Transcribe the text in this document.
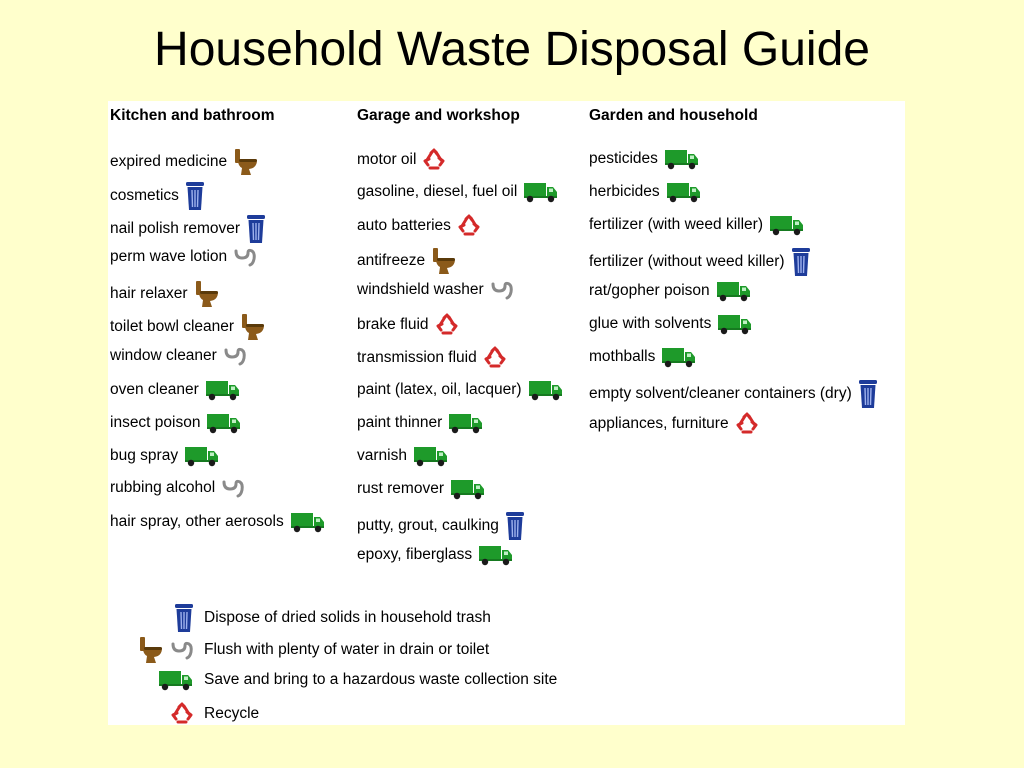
Household Waste Disposal Guide
Kitchen and bathroom
expired medicine
cosmetics
nail polish remover
perm wave lotion
hair relaxer
toilet bowl cleaner
window cleaner
oven cleaner
insect poison
bug spray
rubbing alcohol
hair spray, other aerosols
Garage and workshop
motor oil
gasoline, diesel, fuel oil
auto batteries
antifreeze
windshield washer
brake fluid
transmission fluid
paint (latex, oil, lacquer)
paint thinner
varnish
rust remover
putty, grout, caulking
epoxy, fiberglass
Garden and household
pesticides
herbicides
fertilizer (with weed killer)
fertilizer (without weed killer)
rat/gopher poison
glue with solvents
mothballs
empty solvent/cleaner containers (dry)
appliances, furniture
Dispose of dried solids in household trash
Flush with plenty of water in drain or toilet
Save and bring to a hazardous waste collection site
Recycle
